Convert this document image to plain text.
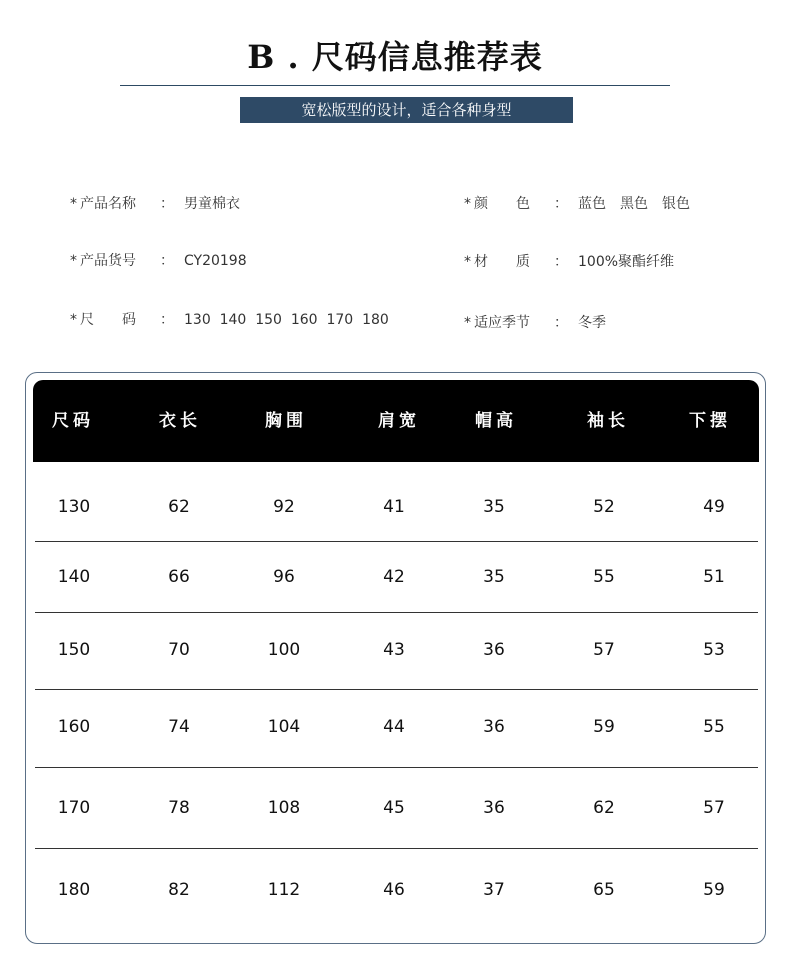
B . 尺码信息推荐表
宽松版型的设计，适合各种身型
* 产品名称 ： 男童棉衣
* 产品货号 ： CY20198
* 尺　　码 ： 130  140  150  160  170  180
* 颜　　色 ： 蓝色　黑色　银色
* 材　　质 ： 100%聚酯纤维
* 适应季节 ： 冬季
尺码	衣长	胸围	肩宽	帽高	袖长	下摆
130	62	92	41	35	52	49
140	66	96	42	35	55	51
150	70	100	43	36	57	53
160	74	104	44	36	59	55
170	78	108	45	36	62	57
180	82	112	46	37	65	59
